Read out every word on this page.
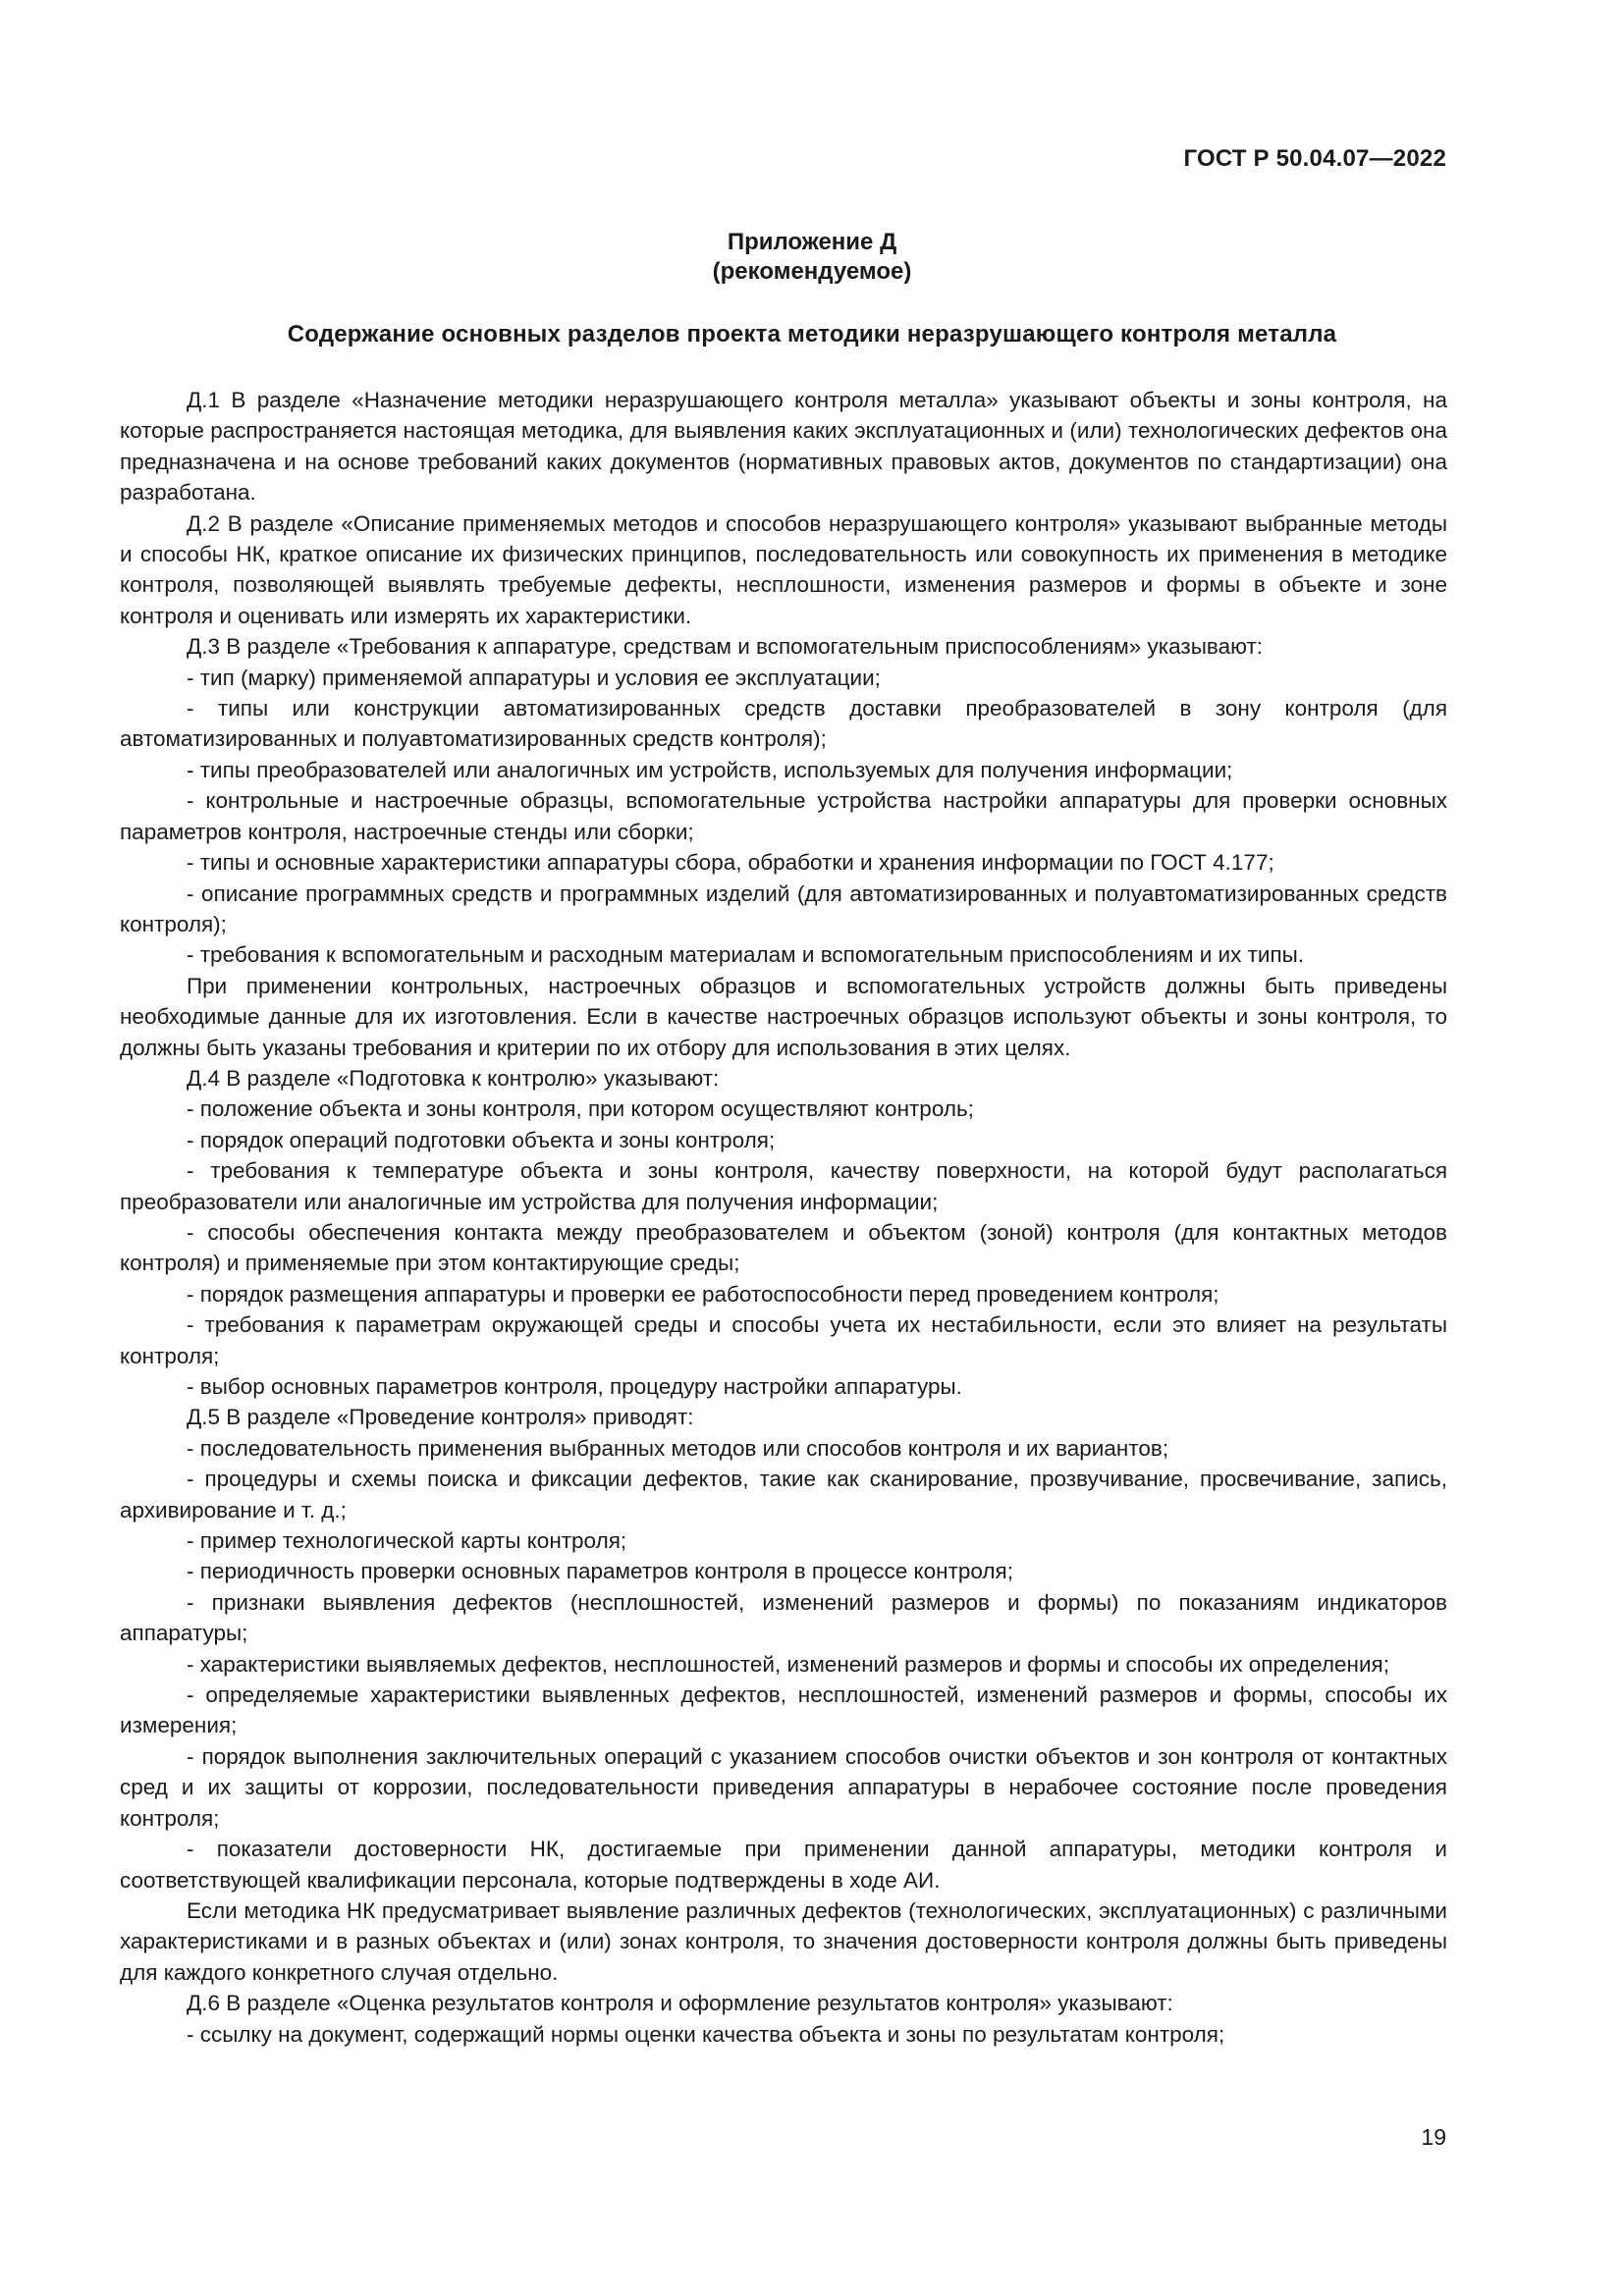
ГОСТ Р 50.04.07—2022
Приложение Д
(рекомендуемое)
Содержание основных разделов проекта методики неразрушающего контроля металла

Д.1 В разделе «Назначение методики неразрушающего контроля металла» указывают объекты и зоны контроля, на которые распространяется настоящая методика, для выявления каких эксплуатационных и (или) технологических дефектов она предназначена и на основе требований каких документов (нормативных правовых актов, документов по стандартизации) она разработана.

Д.2 В разделе «Описание применяемых методов и способов неразрушающего контроля» указывают выбранные методы и способы НК, краткое описание их физических принципов, последовательность или совокупность их применения в методике контроля, позволяющей выявлять требуемые дефекты, несплошности, изменения размеров и формы в объекте и зоне контроля и оценивать или измерять их характеристики.

Д.3 В разделе «Требования к аппаратуре, средствам и вспомогательным приспособлениям» указывают:

- тип (марку) применяемой аппаратуры и условия ее эксплуатации;

- типы или конструкции автоматизированных средств доставки преобразователей в зону контроля (для автоматизированных и полуавтоматизированных средств контроля);

- типы преобразователей или аналогичных им устройств, используемых для получения информации;

- контрольные и настроечные образцы, вспомогательные устройства настройки аппаратуры для проверки основных параметров контроля, настроечные стенды или сборки;

- типы и основные характеристики аппаратуры сбора, обработки и хранения информации по ГОСТ 4.177;

- описание программных средств и программных изделий (для автоматизированных и полуавтоматизированных средств контроля);

- требования к вспомогательным и расходным материалам и вспомогательным приспособлениям и их типы.

При применении контрольных, настроечных образцов и вспомогательных устройств должны быть приведены необходимые данные для их изготовления. Если в качестве настроечных образцов используют объекты и зоны контроля, то должны быть указаны требования и критерии по их отбору для использования в этих целях.

Д.4 В разделе «Подготовка к контролю» указывают:

- положение объекта и зоны контроля, при котором осуществляют контроль;

- порядок операций подготовки объекта и зоны контроля;

- требования к температуре объекта и зоны контроля, качеству поверхности, на которой будут располагаться преобразователи или аналогичные им устройства для получения информации;

- способы обеспечения контакта между преобразователем и объектом (зоной) контроля (для контактных методов контроля) и применяемые при этом контактирующие среды;

- порядок размещения аппаратуры и проверки ее работоспособности перед проведением контроля;

- требования к параметрам окружающей среды и способы учета их нестабильности, если это влияет на результаты контроля;

- выбор основных параметров контроля, процедуру настройки аппаратуры.

Д.5 В разделе «Проведение контроля» приводят:

- последовательность применения выбранных методов или способов контроля и их вариантов;

- процедуры и схемы поиска и фиксации дефектов, такие как сканирование, прозвучивание, просвечивание, запись, архивирование и т. д.;

- пример технологической карты контроля;

- периодичность проверки основных параметров контроля в процессе контроля;

- признаки выявления дефектов (несплошностей, изменений размеров и формы) по показаниям индикаторов аппаратуры;

- характеристики выявляемых дефектов, несплошностей, изменений размеров и формы и способы их определения;

- определяемые характеристики выявленных дефектов, несплошностей, изменений размеров и формы, способы их измерения;

- порядок выполнения заключительных операций с указанием способов очистки объектов и зон контроля от контактных сред и их защиты от коррозии, последовательности приведения аппаратуры в нерабочее состояние после проведения контроля;

- показатели достоверности НК, достигаемые при применении данной аппаратуры, методики контроля и соответствующей квалификации персонала, которые подтверждены в ходе АИ.

Если методика НК предусматривает выявление различных дефектов (технологических, эксплуатационных) с различными характеристиками и в разных объектах и (или) зонах контроля, то значения достоверности контроля должны быть приведены для каждого конкретного случая отдельно.

Д.6 В разделе «Оценка результатов контроля и оформление результатов контроля» указывают:

- ссылку на документ, содержащий нормы оценки качества объекта и зоны по результатам контроля;

19
